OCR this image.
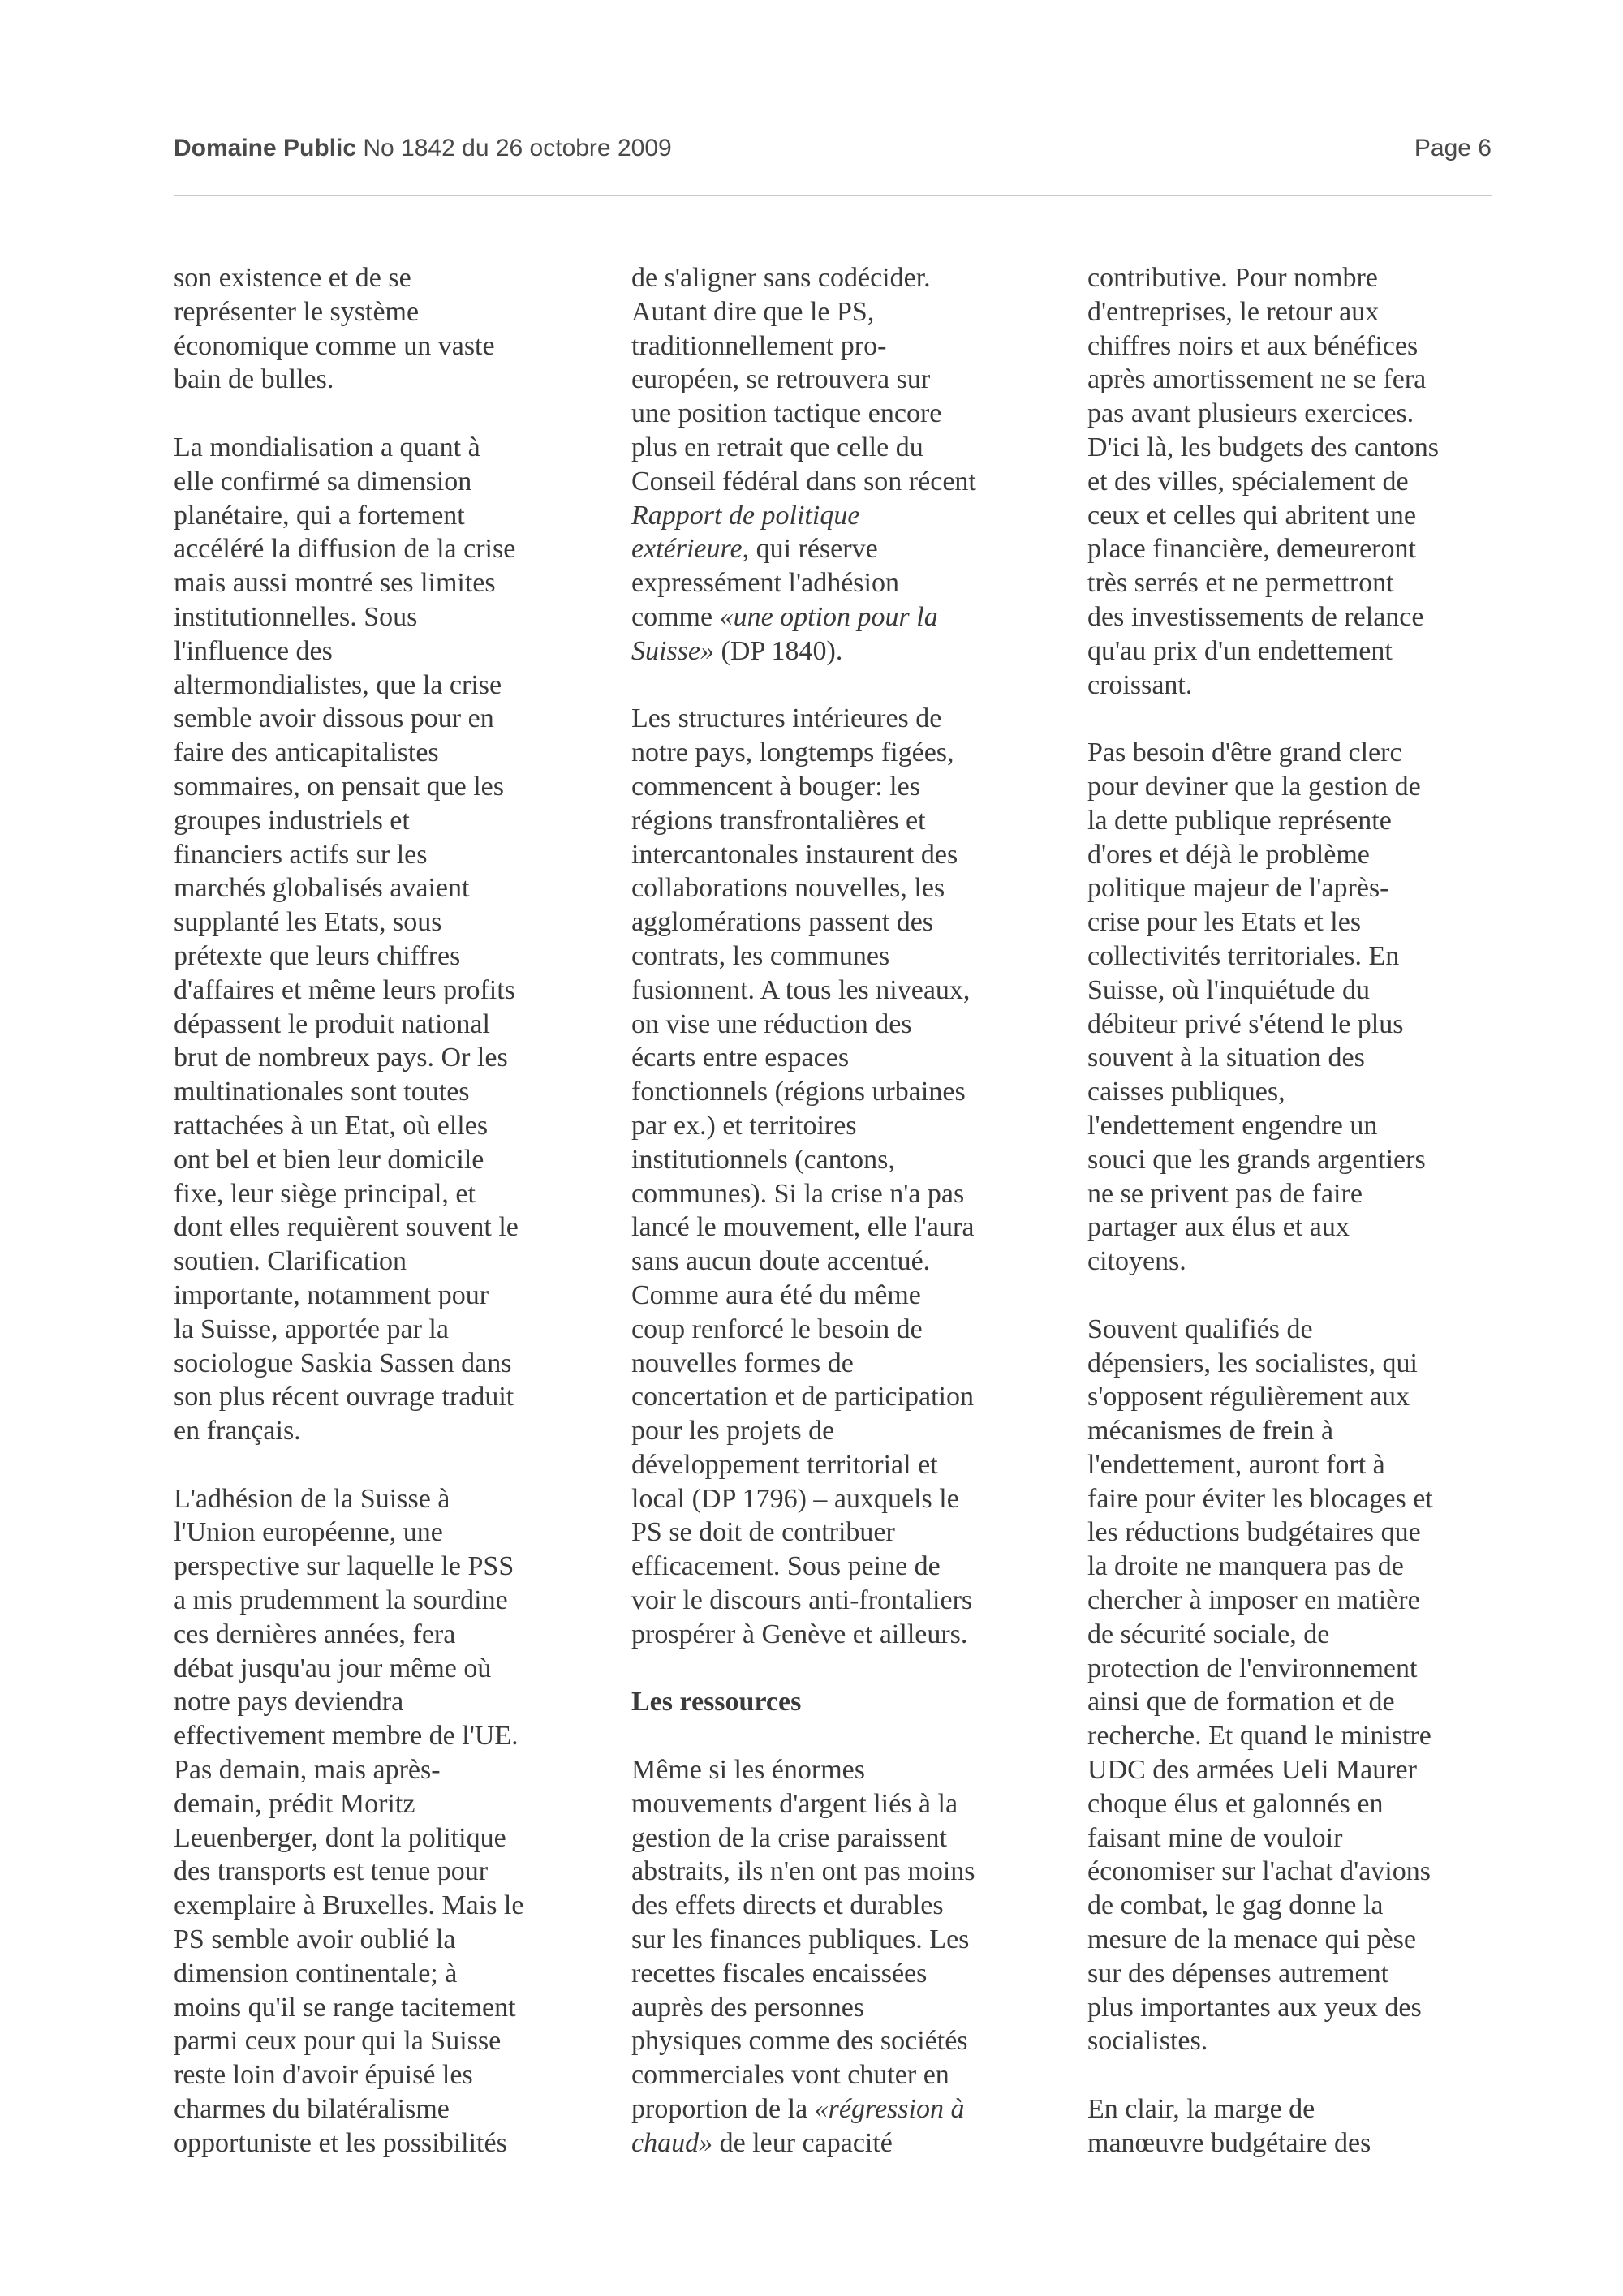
Domaine Public No 1842 du 26 octobre 2009	Page 6

son existence et de se
représenter le système
économique comme un vaste
bain de bulles.

La mondialisation a quant à
elle confirmé sa dimension
planétaire, qui a fortement
accéléré la diffusion de la crise
mais aussi montré ses limites
institutionnelles. Sous
l'influence des
altermondialistes, que la crise
semble avoir dissous pour en
faire des anticapitalistes
sommaires, on pensait que les
groupes industriels et
financiers actifs sur les
marchés globalisés avaient
supplanté les Etats, sous
prétexte que leurs chiffres
d'affaires et même leurs profits
dépassent le produit national
brut de nombreux pays. Or les
multinationales sont toutes
rattachées à un Etat, où elles
ont bel et bien leur domicile
fixe, leur siège principal, et
dont elles requièrent souvent le
soutien. Clarification
importante, notamment pour
la Suisse, apportée par la
sociologue Saskia Sassen dans
son plus récent ouvrage traduit
en français.

L'adhésion de la Suisse à
l'Union européenne, une
perspective sur laquelle le PSS
a mis prudemment la sourdine
ces dernières années, fera
débat jusqu'au jour même où
notre pays deviendra
effectivement membre de l'UE.
Pas demain, mais après-
demain, prédit Moritz
Leuenberger, dont la politique
des transports est tenue pour
exemplaire à Bruxelles. Mais le
PS semble avoir oublié la
dimension continentale; à
moins qu'il se range tacitement
parmi ceux pour qui la Suisse
reste loin d'avoir épuisé les
charmes du bilatéralisme
opportuniste et les possibilités

de s'aligner sans codécider.
Autant dire que le PS,
traditionnellement pro-
européen, se retrouvera sur
une position tactique encore
plus en retrait que celle du
Conseil fédéral dans son récent
Rapport de politique
extérieure, qui réserve
expressément l'adhésion
comme «une option pour la
Suisse» (DP 1840).

Les structures intérieures de
notre pays, longtemps figées,
commencent à bouger: les
régions transfrontalières et
intercantonales instaurent des
collaborations nouvelles, les
agglomérations passent des
contrats, les communes
fusionnent. A tous les niveaux,
on vise une réduction des
écarts entre espaces
fonctionnels (régions urbaines
par ex.) et territoires
institutionnels (cantons,
communes). Si la crise n'a pas
lancé le mouvement, elle l'aura
sans aucun doute accentué.
Comme aura été du même
coup renforcé le besoin de
nouvelles formes de
concertation et de participation
pour les projets de
développement territorial et
local (DP 1796) – auxquels le
PS se doit de contribuer
efficacement. Sous peine de
voir le discours anti-frontaliers
prospérer à Genève et ailleurs.

Les ressources

Même si les énormes
mouvements d'argent liés à la
gestion de la crise paraissent
abstraits, ils n'en ont pas moins
des effets directs et durables
sur les finances publiques. Les
recettes fiscales encaissées
auprès des personnes
physiques comme des sociétés
commerciales vont chuter en
proportion de la «régression à
chaud» de leur capacité

contributive. Pour nombre
d'entreprises, le retour aux
chiffres noirs et aux bénéfices
après amortissement ne se fera
pas avant plusieurs exercices.
D'ici là, les budgets des cantons
et des villes, spécialement de
ceux et celles qui abritent une
place financière, demeureront
très serrés et ne permettront
des investissements de relance
qu'au prix d'un endettement
croissant.

Pas besoin d'être grand clerc
pour deviner que la gestion de
la dette publique représente
d'ores et déjà le problème
politique majeur de l'après-
crise pour les Etats et les
collectivités territoriales. En
Suisse, où l'inquiétude du
débiteur privé s'étend le plus
souvent à la situation des
caisses publiques,
l'endettement engendre un
souci que les grands argentiers
ne se privent pas de faire
partager aux élus et aux
citoyens.

Souvent qualifiés de
dépensiers, les socialistes, qui
s'opposent régulièrement aux
mécanismes de frein à
l'endettement, auront fort à
faire pour éviter les blocages et
les réductions budgétaires que
la droite ne manquera pas de
chercher à imposer en matière
de sécurité sociale, de
protection de l'environnement
ainsi que de formation et de
recherche. Et quand le ministre
UDC des armées Ueli Maurer
choque élus et galonnés en
faisant mine de vouloir
économiser sur l'achat d'avions
de combat, le gag donne la
mesure de la menace qui pèse
sur des dépenses autrement
plus importantes aux yeux des
socialistes.

En clair, la marge de
manœuvre budgétaire des
